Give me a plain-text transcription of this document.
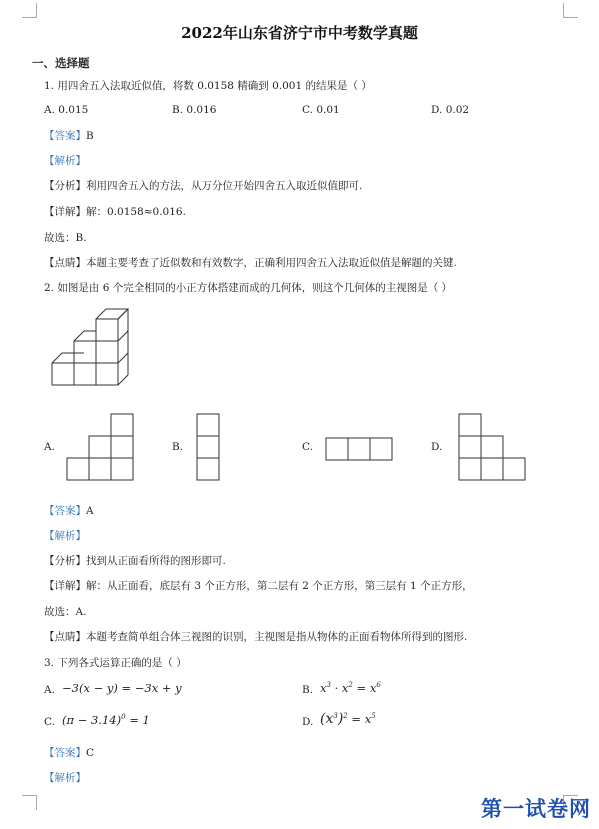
2022年山东省济宁市中考数学真题
一、选择题
1. 用四舍五入法取近似值，将数 0.0158 精确到 0.001 的结果是（ ）
A. 0.015	B. 0.016	C. 0.01	D. 0.02
【答案】B
【解析】
【分析】利用四舍五入的方法，从万分位开始四舍五入取近似值即可.
【详解】解：0.0158≈0.016.
故选：B.
【点睛】本题主要考查了近似数和有效数字，正确利用四舍五入法取近似值是解题的关键.
2. 如图是由 6 个完全相同的小正方体搭建而成的几何体，则这个几何体的主视图是（ ）
A.	B.	C.	D.
【答案】A
【解析】
【分析】找到从正面看所得的图形即可.
【详解】解：从正面看，底层有 3 个正方形，第二层有 2 个正方形，第三层有 1 个正方形，
故选：A.
【点睛】本题考查简单组合体三视图的识别，主视图是指从物体的正面看物体所得到的图形.
3. 下列各式运算正确的是（ ）
A. −3(x − y) = −3x + y	B. $x^3 \cdot x^2 = x^6$
C. $(\pi - 3.14)^0 = 1$	D. $(x^3)^2 = x^5$
【答案】C
【解析】
第一试卷网
